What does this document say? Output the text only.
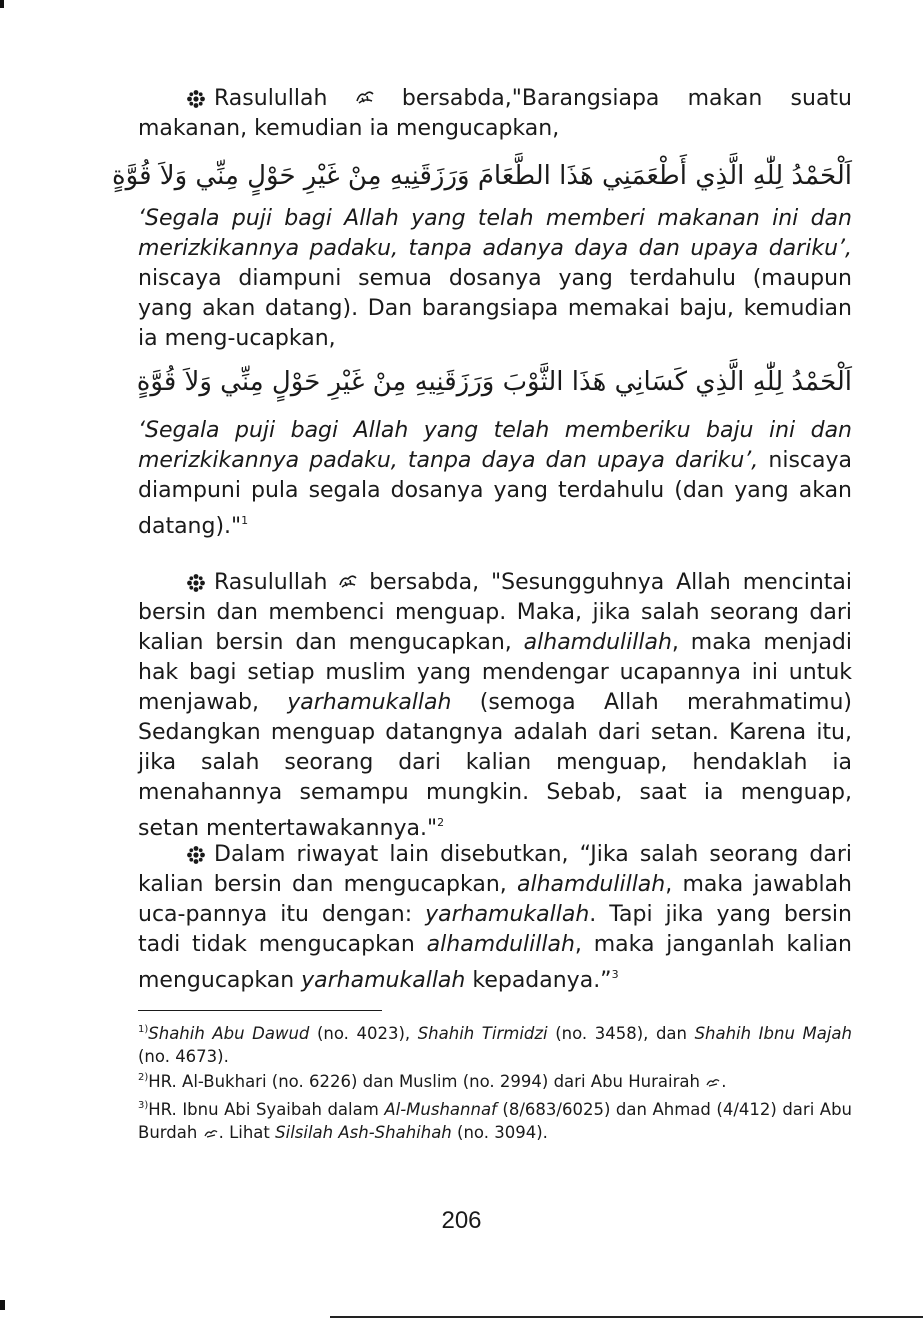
Rasulullah	bersabda,"Barangsiapa makan suatu makanan, kemudian ia mengucapkan,
اَلْحَمْدُ لِلّٰهِ الَّذِي أَطْعَمَنِي هَذَا الطَّعَامَ وَرَزَقَنِيهِ مِنْ غَيْرِ حَوْلٍ مِنِّي وَلاَ قُوَّةٍ
‘Segala puji bagi Allah yang telah memberi makanan ini dan merizkikannya padaku, tanpa adanya daya dan upaya dariku’, niscaya diampuni semua dosanya yang terdahulu (maupun yang akan datang). Dan barangsiapa memakai baju, kemudian ia meng-ucapkan,
اَلْحَمْدُ لِلّٰهِ الَّذِي كَسَانِي هَذَا الثَّوْبَ وَرَزَقَنِيهِ مِنْ غَيْرِ حَوْلٍ مِنِّي وَلاَ قُوَّةٍ
‘Segala puji bagi Allah yang telah memberiku baju ini dan merizkikannya padaku, tanpa daya dan upaya dariku’, niscaya diampuni pula segala dosanya yang terdahulu (dan yang akan datang)."$^1$
Rasulullah bersabda, "Sesungguhnya Allah mencintai bersin dan membenci menguap. Maka, jika salah seorang dari kalian bersin dan mengucapkan, alhamdulillah, maka menjadi hak bagi setiap muslim yang mendengar ucapannya ini untuk menjawab, yarhamukallah (semoga Allah merahmatimu) Sedangkan menguap datangnya adalah dari setan. Karena itu, jika salah seorang dari kalian menguap, hendaklah ia menahannya semampu mungkin. Sebab, saat ia menguap, setan mentertawakannya."$^2$
Dalam riwayat lain disebutkan, “Jika salah seorang dari kalian bersin dan mengucapkan, alhamdulillah, maka jawablah uca-pannya itu dengan: yarhamukallah. Tapi jika yang bersin tadi tidak mengucapkan alhamdulillah, maka janganlah kalian mengucapkan yarhamukallah kepadanya.”$^3$
$^{1)}$Shahih Abu Dawud (no. 4023), Shahih Tirmidzi (no. 3458), dan Shahih Ibnu Majah (no. 4673).
$^{2)}$HR. Al-Bukhari (no. 6226) dan Muslim (no. 2994) dari Abu Hurairah .
$^{3)}$HR. Ibnu Abi Syaibah dalam Al-Mushannaf (8/683/6025) dan Ahmad (4/412) dari Abu Burdah . Lihat Silsilah Ash-Shahihah (no. 3094).
206
